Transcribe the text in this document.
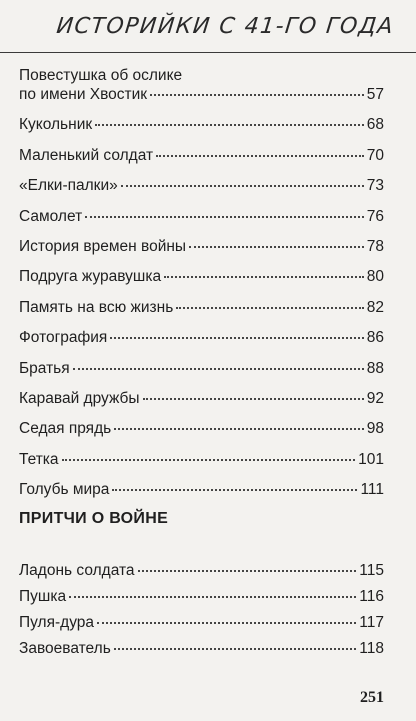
ИСТОРИЙКИ С 41-ГО ГОДА
Повестушка об ослике
по имени Хвостик	57
Кукольник	68
Маленький солдат	70
«Елки-палки»	73
Самолет	76
История времен войны	78
Подруга журавушка	80
Память на всю жизнь	82
Фотография	86
Братья	88
Каравай дружбы	92
Седая прядь	98
Тетка	101
Голубь мира	111
ПРИТЧИ О ВОЙНЕ
Ладонь солдата	115
Пушка	116
Пуля-дура	117
Завоеватель	118
251
